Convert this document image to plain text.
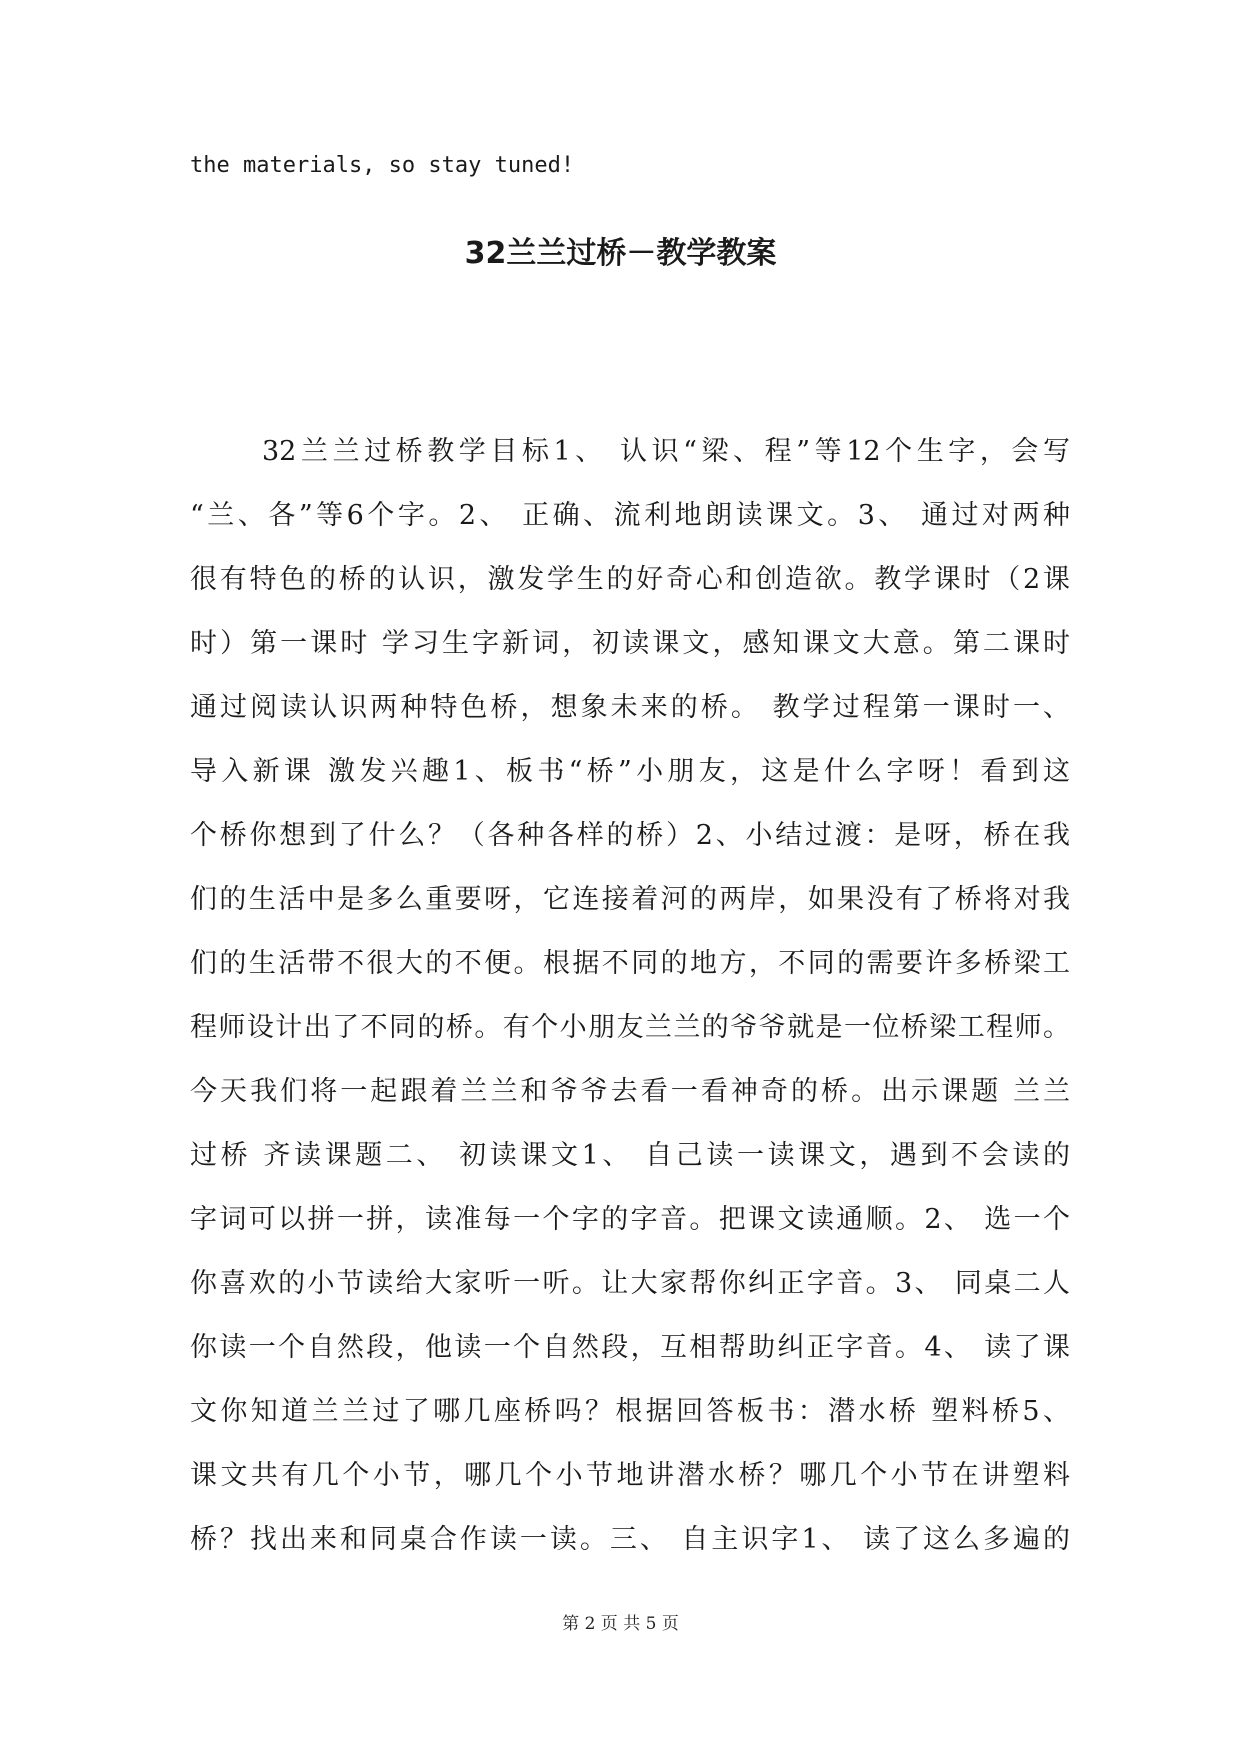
the materials, so stay tuned!
32兰兰过桥－教学教案
32兰兰过桥教学目标1、 认识“梁、程”等12个生字，会写
“兰、各”等6个字。2、 正确、流利地朗读课文。3、 通过对两种
很有特色的桥的认识，激发学生的好奇心和创造欲。教学课时（2课
时）第一课时 学习生字新词，初读课文，感知课文大意。第二课时
通过阅读认识两种特色桥，想象未来的桥。 教学过程第一课时一、
导入新课 激发兴趣1、板书“桥”小朋友，这是什么字呀！看到这
个桥你想到了什么？（各种各样的桥）2、小结过渡：是呀，桥在我
们的生活中是多么重要呀，它连接着河的两岸，如果没有了桥将对我
们的生活带不很大的不便。根据不同的地方，不同的需要许多桥梁工
程师设计出了不同的桥。有个小朋友兰兰的爷爷就是一位桥梁工程师。
今天我们将一起跟着兰兰和爷爷去看一看神奇的桥。出示课题 兰兰
过桥 齐读课题二、 初读课文1、 自己读一读课文，遇到不会读的
字词可以拼一拼，读准每一个字的字音。把课文读通顺。2、 选一个
你喜欢的小节读给大家听一听。让大家帮你纠正字音。3、 同桌二人
你读一个自然段，他读一个自然段，互相帮助纠正字音。4、 读了课
文你知道兰兰过了哪几座桥吗？根据回答板书：潜水桥 塑料桥5、
课文共有几个小节，哪几个小节地讲潜水桥？哪几个小节在讲塑料
桥？找出来和同桌合作读一读。三、 自主识字1、 读了这么多遍的
第 2 页 共 5 页
